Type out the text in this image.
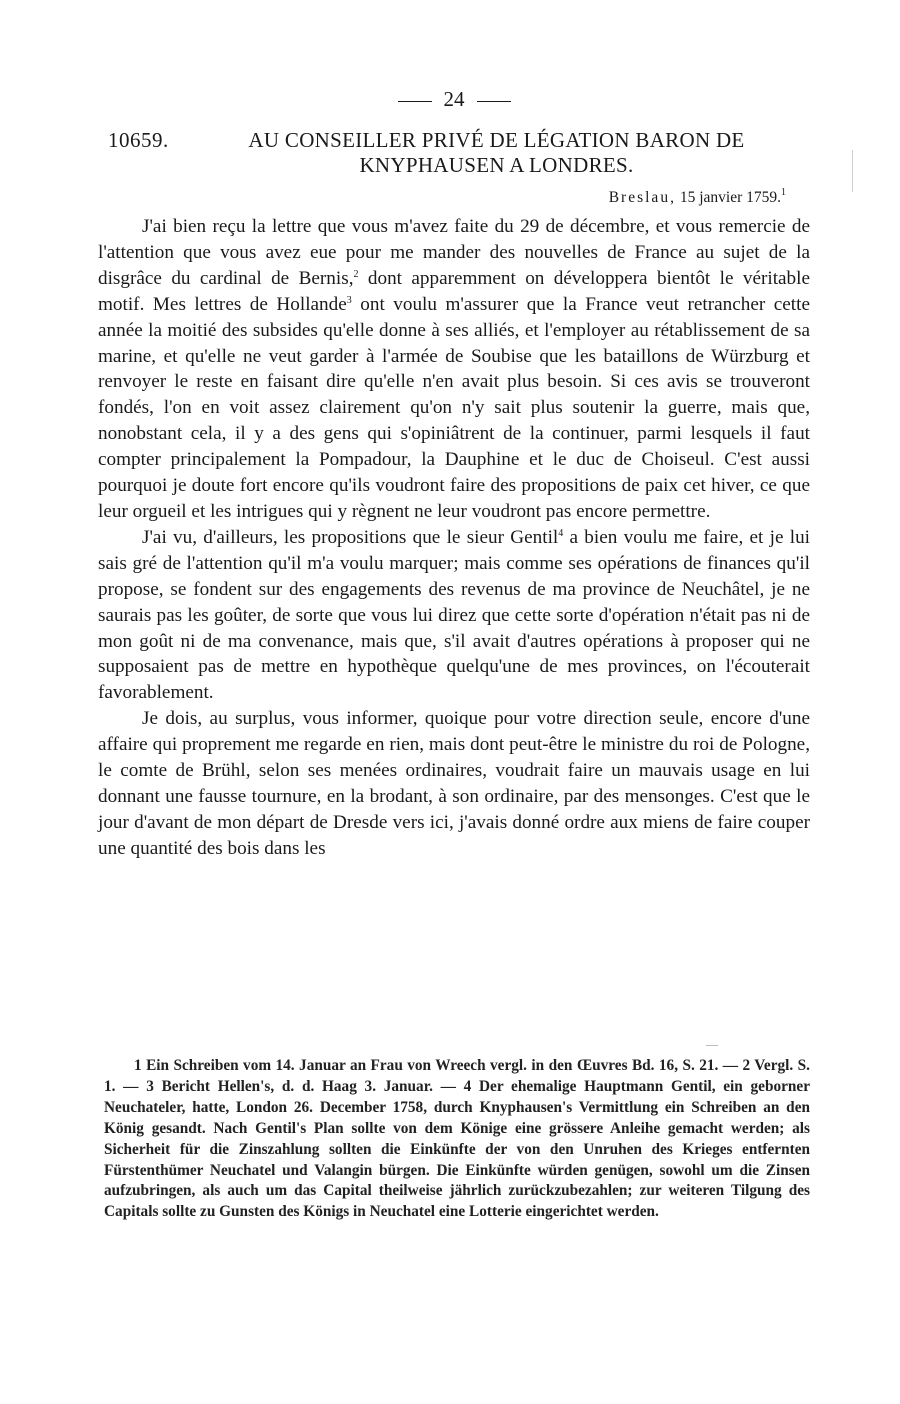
24
10659.	AU CONSEILLER PRIVÉ DE LÉGATION BARON DE
KNYPHAUSEN A LONDRES.
Breslau, 15 janvier 1759.$^1$

J'ai bien reçu la lettre que vous m'avez faite du 29 de décembre, et vous remercie de l'attention que vous avez eue pour me mander des nouvelles de France au sujet de la disgrâce du cardinal de Bernis,$^2$ dont apparemment on développera bientôt le véritable motif. Mes lettres de Hollande$^3$ ont voulu m'assurer que la France veut retrancher cette année la moitié des subsides qu'elle donne à ses alliés, et l'employer au rétablissement de sa marine, et qu'elle ne veut garder à l'armée de Soubise que les bataillons de Würzburg et renvoyer le reste en faisant dire qu'elle n'en avait plus besoin. Si ces avis se trouveront fondés, l'on en voit assez clairement qu'on n'y sait plus soutenir la guerre, mais que, nonobstant cela, il y a des gens qui s'opiniâtrent de la continuer, parmi lesquels il faut compter principalement la Pompadour, la Dauphine et le duc de Choiseul. C'est aussi pourquoi je doute fort encore qu'ils voudront faire des propositions de paix cet hiver, ce que leur orgueil et les intrigues qui y règnent ne leur voudront pas encore permettre.

J'ai vu, d'ailleurs, les propositions que le sieur Gentil$^4$ a bien voulu me faire, et je lui sais gré de l'attention qu'il m'a voulu marquer; mais comme ses opérations de finances qu'il propose, se fondent sur des engagements des revenus de ma province de Neuchâtel, je ne saurais pas les goûter, de sorte que vous lui direz que cette sorte d'opération n'était pas ni de mon goût ni de ma convenance, mais que, s'il avait d'autres opérations à proposer qui ne supposaient pas de mettre en hypothèque quelqu'une de mes provinces, on l'écouterait favorablement.

Je dois, au surplus, vous informer, quoique pour votre direction seule, encore d'une affaire qui proprement me regarde en rien, mais dont peut-être le ministre du roi de Pologne, le comte de Brühl, selon ses menées ordinaires, voudrait faire un mauvais usage en lui donnant une fausse tournure, en la brodant, à son ordinaire, par des mensonges. C'est que le jour d'avant de mon départ de Dresde vers ici, j'avais donné ordre aux miens de faire couper une quantité des bois dans les

1 Ein Schreiben vom 14. Januar an Frau von Wreech vergl. in den Œuvres Bd. 16, S. 21. — 2 Vergl. S. 1. — 3 Bericht Hellen's, d. d. Haag 3. Januar. — 4 Der ehemalige Hauptmann Gentil, ein geborner Neuchateler, hatte, London 26. December 1758, durch Knyphausen's Vermittlung ein Schreiben an den König gesandt. Nach Gentil's Plan sollte von dem Könige eine grössere Anleihe gemacht werden; als Sicherheit für die Zinszahlung sollten die Einkünfte der von den Unruhen des Krieges entfernten Fürstenthümer Neuchatel und Valangin bürgen. Die Einkünfte würden genügen, sowohl um die Zinsen aufzubringen, als auch um das Capital theilweise jährlich zurückzubezahlen; zur weiteren Tilgung des Capitals sollte zu Gunsten des Königs in Neuchatel eine Lotterie eingerichtet werden.
